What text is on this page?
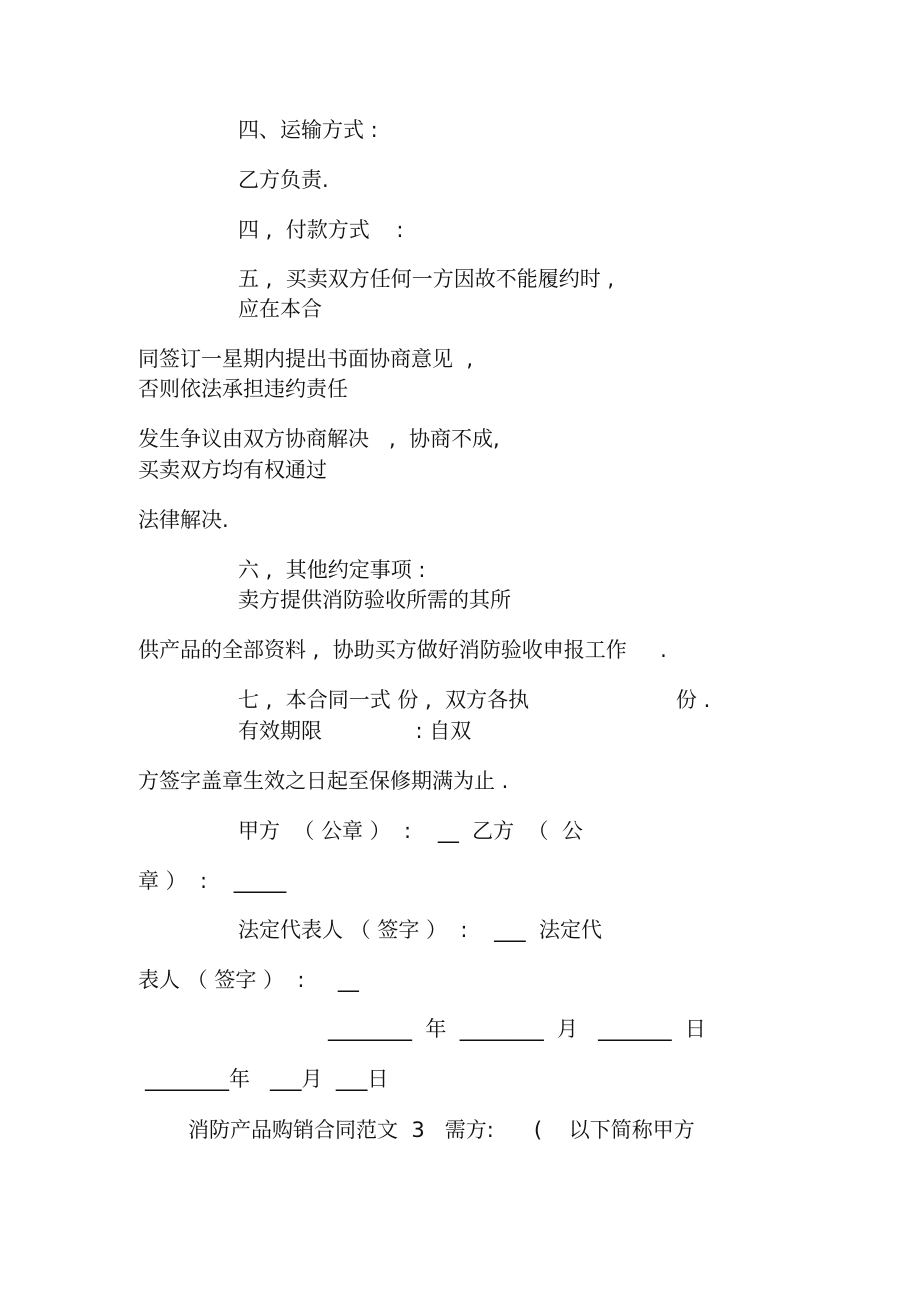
四、运输方式 :

乙方负责.

四 ,  付款方式    :

五 ,  买卖双方任何一方因故不能履约时 ,

应在本合

同签订一星期内提出书面协商意见  ,

否则依法承担违约责任

发生争议由双方协商解决   ,  协商不成,

买卖双方均有权通过

法律解决.

六 ,  其他约定事项 :

卖方提供消防验收所需的其所

供产品的全部资料 ,  协助买方做好消防验收申报工作     .

七 ,  本合同一式 份 ,  双方各执                      份 .

有效期限              : 自双

方签字盖章生效之日起至保修期满为止 .

甲方  （ 公章 ）  :    __  乙方  （  公

章 ）  :    _____

法定代表人 （ 签字 ）  :    ___  法定代

表人 （ 签字 ）  :     __

________  年  ________  月   _______  日

________年   ___月  ___日

消防产品购销合同范文  3   需方:      (    以下简称甲方
